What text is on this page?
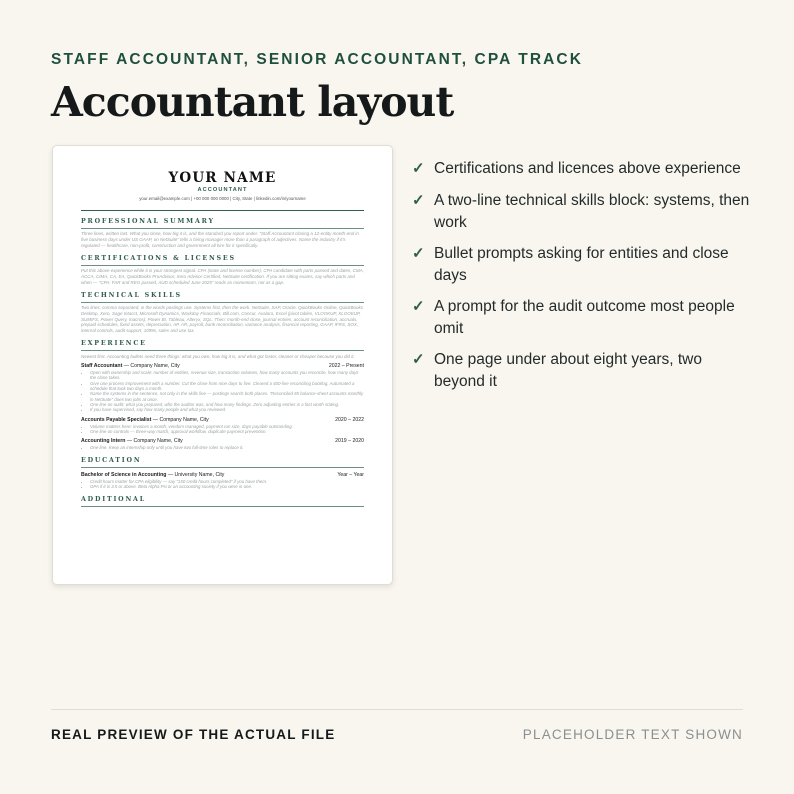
STAFF ACCOUNTANT, SENIOR ACCOUNTANT, CPA TRACK
Accountant layout
YOUR NAME
ACCOUNTANT
your.email@example.com | +00 000 000 0000 | City, State | linkedin.com/in/yourname
PROFESSIONAL SUMMARY
Three lines, written last. What you close, how big it is, and the standard you report under. "Staff Accountant closing a 12-entity month-end in five business days under US GAAP, on NetSuite" tells a hiring manager more than a paragraph of adjectives. Name the industry if it's regulated — healthcare, non-profit, construction and government all hire for it specifically.
CERTIFICATIONS & LICENSES
Put this above experience while it is your strongest signal. CPA (state and license number), CPA candidate with parts passed and dates, CMA, ACCA, CIMA, CA, EA, QuickBooks ProAdvisor, Xero Advisor Certified, NetSuite certification. If you are sitting exams, say which parts and when — "CPA: FAR and REG passed, AUD scheduled June 2025" reads as momentum, not as a gap.
TECHNICAL SKILLS
Two lines, comma separated, in the words postings use. Systems first, then the work. NetSuite, SAP, Oracle, QuickBooks Online, QuickBooks Desktop, Xero, Sage Intacct, Microsoft Dynamics, Workday Financials, Bill.com, Concur, Avalara, Excel (pivot tables, VLOOKUP, XLOOKUP, SUMIFS, Power Query, macros), Power BI, Tableau, Alteryx, SQL. Then: month-end close, journal entries, account reconciliation, accruals, prepaid schedules, fixed assets, depreciation, AP, AR, payroll, bank reconciliation, variance analysis, financial reporting, GAAP, IFRS, SOX, internal controls, audit support, 1099s, sales and use tax.
EXPERIENCE
Newest first. Accounting bullets need three things: what you own, how big it is, and what got faster, cleaner or cheaper because you did it.
Staff Accountant — Company Name, City	2022 – Present
• Open with ownership and scale: number of entities, revenue size, transaction volumes, how many accounts you reconcile, how many days the close takes.
• Give one process improvement with a number. Cut the close from nine days to five. Cleared a 400-line reconciling backlog. Automated a schedule that took two days a month.
• Name the systems in the sentence, not only in the skills line — postings search both places. "Reconciled 65 balance-sheet accounts monthly in NetSuite" does two jobs at once.
• One line on audit: what you prepared, who the auditor was, and how many findings. Zero adjusting entries is a fact worth stating.
• If you have supervised, say how many people and what you reviewed.
Accounts Payable Specialist — Company Name, City	2020 – 2022
• Volume matters here: invoices a month, vendors managed, payment run size, days payable outstanding.
• One line on controls — three-way match, approval workflow, duplicate payment prevention.
Accounting Intern — Company Name, City	2019 – 2020
• One line. Keep an internship only until you have two full-time roles to replace it.
EDUCATION
Bachelor of Science in Accounting — University Name, City	Year – Year
• Credit hours matter for CPA eligibility — say "150 credit hours completed" if you have them.
• GPA if it is 3.5 or above. Beta Alpha Psi or an accounting society if you were in one.
ADDITIONAL
✓ Certifications and licences above experience
✓ A two-line technical skills block: systems, then work
✓ Bullet prompts asking for entities and close days
✓ A prompt for the audit outcome most people omit
✓ One page under about eight years, two beyond it
REAL PREVIEW OF THE ACTUAL FILE	PLACEHOLDER TEXT SHOWN
